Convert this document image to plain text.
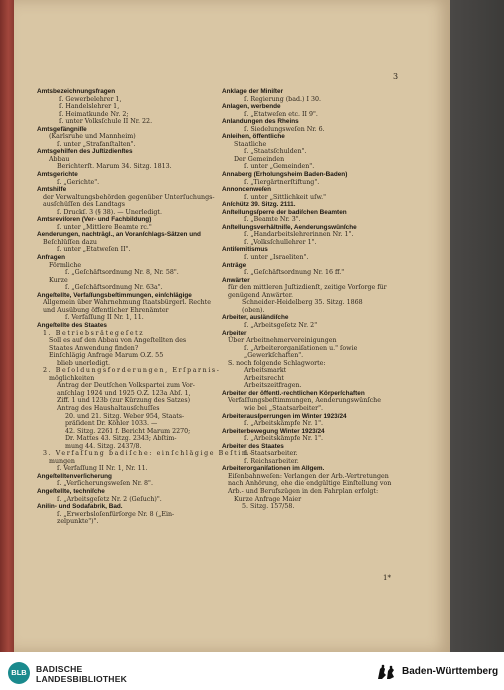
3
Amtsbezeichnungsfragen
ſ. Gewerbelehrer 1,
ſ. Handelslehrer 1,
ſ. Heimatkunde Nr. 2;
ſ. unter Volksſchule II Nr. 22.
Amtsgefängniſſe
(Karlsruhe und Mannheim)
ſ. unter „Strafanſtalten".
Amtsgehilfen des Juſtizdienſtes
Abbau
Berichterſt. Marum 34. Sitzg. 1813.
Amtsgerichte
ſ. „Gerichte".
Amtshilfe
der Verwaltungsbehörden gegenüber Unterſuchungs-
ausſchüſſen des Landtags
ſ. Druckſ. 3 (§ 38). — Unerledigt.
Amtsreviſoren (Ver- und Fachbildung)
ſ. unter „Mittlere Beamte rc."
Aenderungen, nachträgl., an Voranſchlags-Sätzen und
Beſchlüſſen dazu
ſ. unter „Etatweſen II".
Anfragen
Förmliche
ſ. „Geſchäftsordnung Nr. 8, Nr. 58".
Kurze
ſ. „Geſchäftsordnung Nr. 63a".
Angeſtellte, Verfaſſungsbeſtimmungen, einſchlägige
Allgemein über Wahrnehmung ſtaatsbürgerl. Rechte
und Ausübung öffentlicher Ehrenämter
ſ. Verfaſſung II Nr. 1, 11.
Angeſtellte des Staates
1. Betriebsrätegeſetz
Soll es auf den Abbau von Angeſtellten des
Staates Anwendung finden?
Einſchlägig Anfrage Marum O.Z. 55
blieb unerledigt.
2. Beſoldungsforderungen, Erſparnis-
möglichkeiten
Antrag der Deutſchen Volkspartei zum Vor-
anſchlag 1924 und 1925 O.Z. 123a Abſ. 1,
Ziff. 1 und 123b (zur Kürzung des Satzes)
Antrag des Haushaltausſchuſſes
20. und 21. Sitzg. Weber 954, Staats-
präſident Dr. Köhler 1033. —
42. Sitzg. 2261 f. Bericht Marum 2270;
Dr. Mattes 43. Sitzg. 2343; Abſtim-
mung 44. Sitzg. 2437/8.
3. Verfaſſung badiſche: einſchlägige Beſtim-
mungen
ſ. Verfaſſung II Nr. 1, Nr. 11.
Angeſtelltenverſicherung
ſ. „Verſicherungsweſen Nr. 8".
Angeſtellte, techniſche
ſ. „Arbeitsgeſetz Nr. 2 (Geſuch)".
Anilin- und Sodafabrik, Bad.
ſ. „Erwerbsloſenfürſorge Nr. 8 („Ein-
zelpunkte")".
Anklage der Miniſter
ſ. Regierung (bad.) I 30.
Anlagen, werbende
ſ. „Etatweſen etc. II 9".
Anlandungen des Rheins
ſ. Siedelungsweſen Nr. 6.
Anleihen, öffentliche
Staatliche
ſ. „Staatsſchulden".
Der Gemeinden
ſ. unter „Gemeinden".
Annaberg (Erholungsheim Baden-Baden)
ſ. „Tiergärtnerſtiftung".
Annoncenweſen
ſ. unter „Sittlichkeit uſw."
Anſchütz 39. Sitzg. 2111.
Anſtellungsſperre der badiſchen Beamten
ſ. „Beamte Nr. 3".
Anſtellungsverhältniſſe, Aenderungswünſche
ſ. „Handarbeitslehrerinnen Nr. 1".
ſ. „Volksſchullehrer 1".
Antiſemitismus
ſ. unter „Israeliten".
Anträge
ſ. „Geſchäftsordnung Nr. 16 ff."
Anwärter
für den mittleren Juſtizdienſt, zeitige Vorſorge für
genügend Anwärter.
Schneider-Heidelberg 35. Sitzg. 1868
(oben).
Arbeiter, ausländiſche
ſ. „Arbeitsgeſetz Nr. 2"
Arbeiter
Über Arbeitnehmervereinigungen
ſ. „Arbeiterorganiſationen u." ſowie
„Gewerkſchaften".
S. noch folgende Schlagworte:
Arbeitsmarkt
Arbeitsrecht
Arbeitszeitfragen.
Arbeiter der öffentl.-rechtlichen Körperſchaften
Verfaſſungsbeſtimmungen, Aenderungswünſche
wie bei „Staatsarbeiter".
Arbeiterausſperrungen im Winter 1923/24
ſ. „Arbeitskämpfe Nr. 1".
Arbeiterbewegung Winter 1923/24
ſ. „Arbeitskämpfe Nr. 1".
Arbeiter des Staates
ſ. Staatsarbeiter.
ſ. Reichsarbeiter.
Arbeiterorganiſationen im Allgem.
Eiſenbahnweſen: Verlangen der Arb.-Vertretungen
nach Anhörung, ehe die endgültige Einſtellung von
Arb.- und Berufszügen in den Fahrplan erfolgt:
Kurze Anfrage Maier
5. Sitzg. 157/58.
1*
BLB	BADISCHE
LANDESBIBLIOTHEK
Baden-Württemberg
